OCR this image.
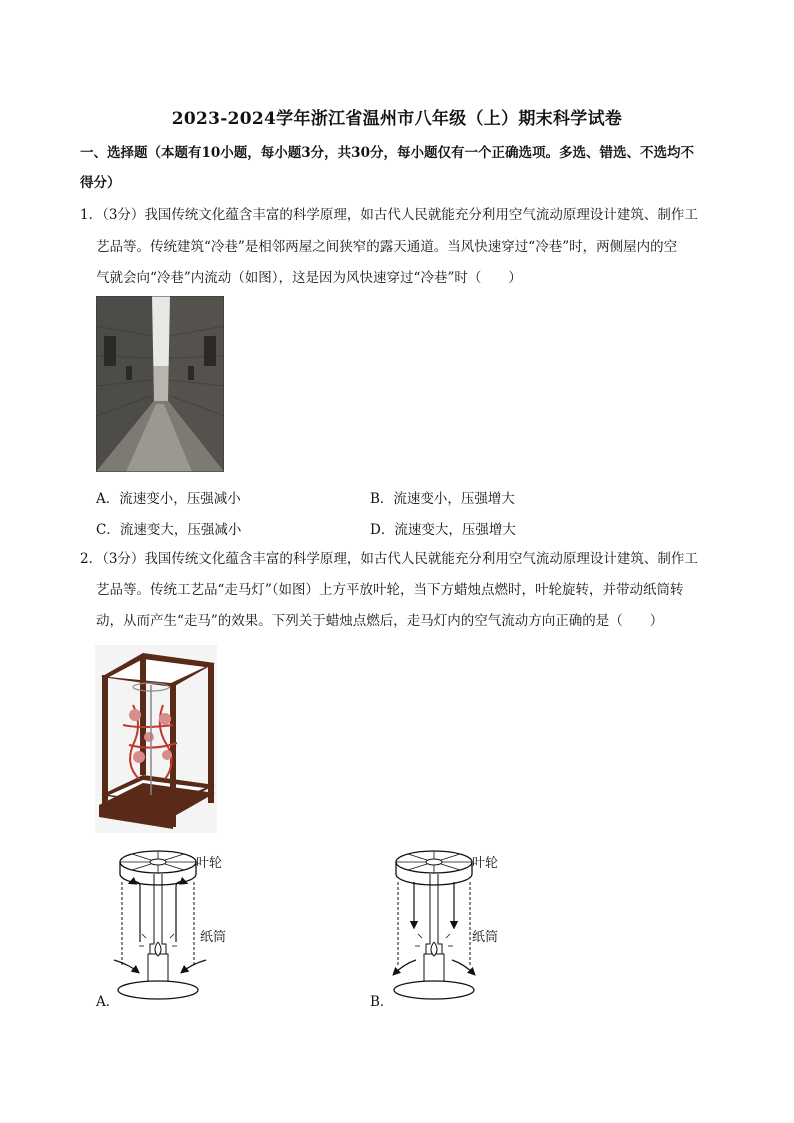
2023-2024学年浙江省温州市八年级（上）期末科学试卷
一、选择题（本题有10小题，每小题3分，共30分，每小题仅有一个正确选项。多选、错选、不选均不
得分）
1．（3分）我国传统文化蕴含丰富的科学原理，如古代人民就能充分利用空气流动原理设计建筑、制作工
艺品等。传统建筑“冷巷”是相邻两屋之间狭窄的露天通道。当风快速穿过“冷巷”时，两侧屋内的空
气就会向“冷巷”内流动（如图），这是因为风快速穿过“冷巷”时（　　）
A．流速变小，压强减小	B．流速变小，压强增大
C．流速变大，压强减小	D．流速变大，压强增大
2．（3分）我国传统文化蕴含丰富的科学原理，如古代人民就能充分利用空气流动原理设计建筑、制作工
艺品等。传统工艺品“走马灯”（如图）上方平放叶轮，当下方蜡烛点燃时，叶轮旋转，并带动纸筒转
动，从而产生“走马”的效果。下列关于蜡烛点燃后，走马灯内的空气流动方向正确的是（　　）
叶轮
纸筒
A．
叶轮
纸筒
B．
